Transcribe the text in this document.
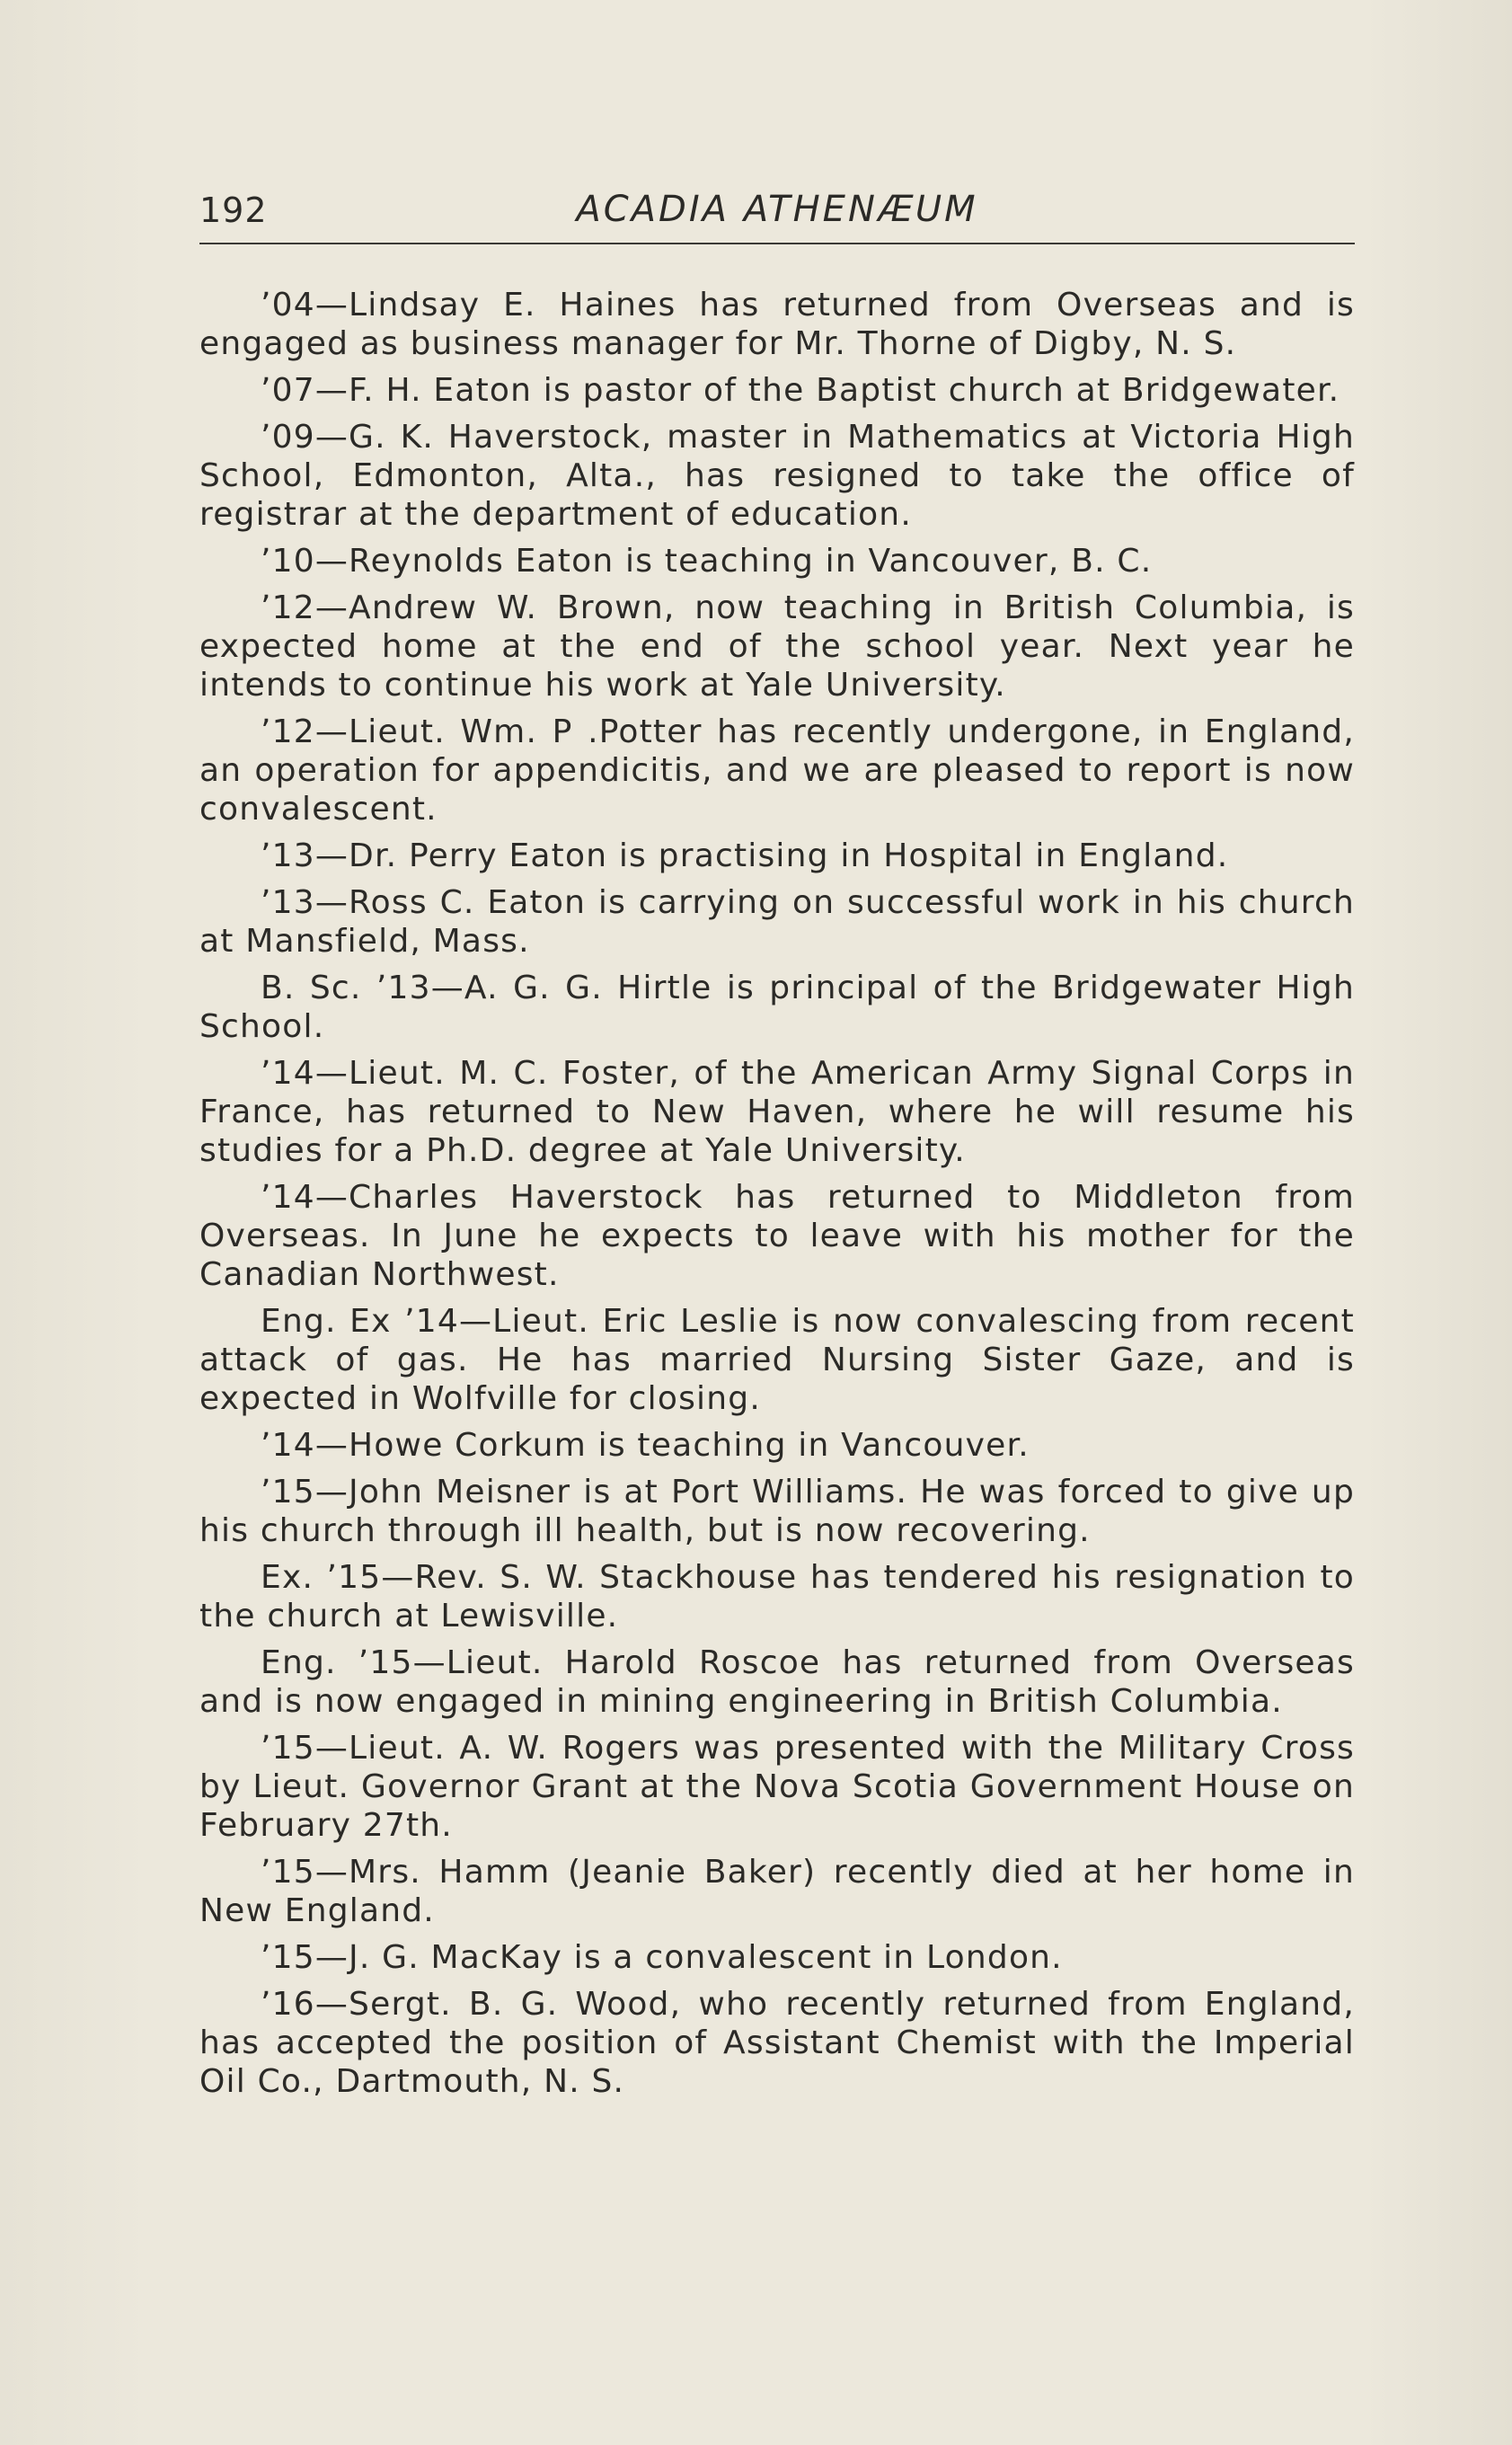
192	ACADIA ATHENÆUM

’04—Lindsay E. Haines has returned from Overseas and is engaged as business manager for Mr. Thorne of Digby, N. S.

’07—F. H. Eaton is pastor of the Baptist church at Bridgewater.

’09—G. K. Haverstock, master in Mathematics at Victoria High School, Edmonton, Alta., has resigned to take the office of registrar at the department of education.

’10—Reynolds Eaton is teaching in Vancouver, B. C.

’12—Andrew W. Brown, now teaching in British Columbia, is expected home at the end of the school year. Next year he intends to continue his work at Yale University.

’12—Lieut. Wm. P .Potter has recently undergone, in England, an operation for appendicitis, and we are pleased to report is now convalescent.

’13—Dr. Perry Eaton is practising in Hospital in England.

’13—Ross C. Eaton is carrying on successful work in his church at Mansfield, Mass.

B. Sc. ’13—A. G. G. Hirtle is principal of the Bridgewater High School.

’14—Lieut. M. C. Foster, of the American Army Signal Corps in France, has returned to New Haven, where he will resume his studies for a Ph.D. degree at Yale University.

’14—Charles Haverstock has returned to Middleton from Overseas. In June he expects to leave with his mother for the Canadian Northwest.

Eng. Ex ’14—Lieut. Eric Leslie is now convalescing from recent attack of gas. He has married Nursing Sister Gaze, and is expected in Wolfville for closing.

’14—Howe Corkum is teaching in Vancouver.

’15—John Meisner is at Port Williams. He was forced to give up his church through ill health, but is now recovering.

Ex. ’15—Rev. S. W. Stackhouse has tendered his resignation to the church at Lewisville.

Eng. ’15—Lieut. Harold Roscoe has returned from Overseas and is now engaged in mining engineering in British Columbia.

’15—Lieut. A. W. Rogers was presented with the Military Cross by Lieut. Governor Grant at the Nova Scotia Government House on February 27th.

’15—Mrs. Hamm (Jeanie Baker) recently died at her home in New England.

’15—J. G. MacKay is a convalescent in London.

’16—Sergt. B. G. Wood, who recently returned from England, has accepted the position of Assistant Chemist with the Imperial Oil Co., Dartmouth, N. S.
